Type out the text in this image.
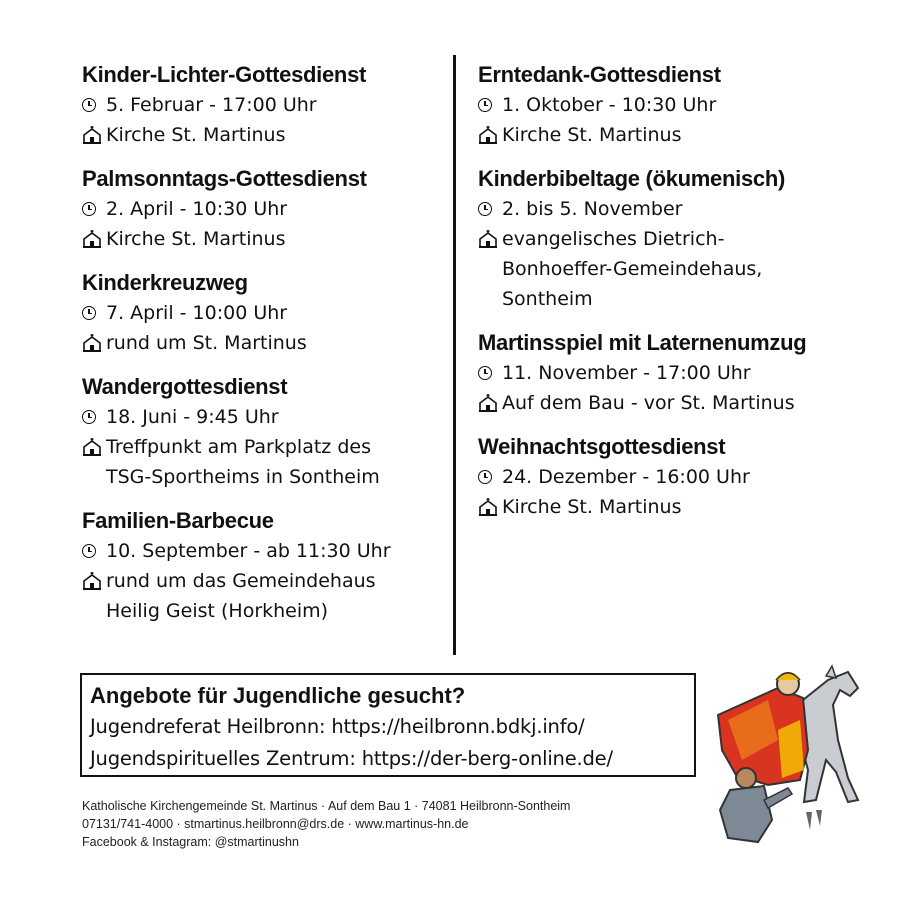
Kinder-Lichter-Gottesdienst
5. Februar - 17:00 Uhr
Kirche St. Martinus
Palmsonntags-Gottesdienst
2. April - 10:30 Uhr
Kirche St. Martinus
Kinderkreuzweg
7. April - 10:00 Uhr
rund um St. Martinus
Wandergottesdienst
18. Juni - 9:45 Uhr
Treffpunkt am Parkplatz des
TSG-Sportheims in Sontheim
Familien-Barbecue
10. September - ab 11:30 Uhr
rund um das Gemeindehaus
Heilig Geist (Horkheim)
Erntedank-Gottesdienst
1. Oktober - 10:30 Uhr
Kirche St. Martinus
Kinderbibeltage (ökumenisch)
2. bis 5. November
evangelisches Dietrich-
Bonhoeffer-Gemeindehaus,
Sontheim
Martinsspiel mit Laternenumzug
11. November - 17:00 Uhr
Auf dem Bau - vor St. Martinus
Weihnachtsgottesdienst
24. Dezember - 16:00 Uhr
Kirche St. Martinus
Angebote für Jugendliche gesucht?
Jugendreferat Heilbronn: https://heilbronn.bdkj.info/
Jugendspirituelles Zentrum: https://der-berg-online.de/
Katholische Kirchengemeinde St. Martinus · Auf dem Bau 1 · 74081 Heilbronn-Sontheim
07131/741-4000 · stmartinus.heilbronn@drs.de · www.martinus-hn.de
Facebook & Instagram: @stmartinushn
